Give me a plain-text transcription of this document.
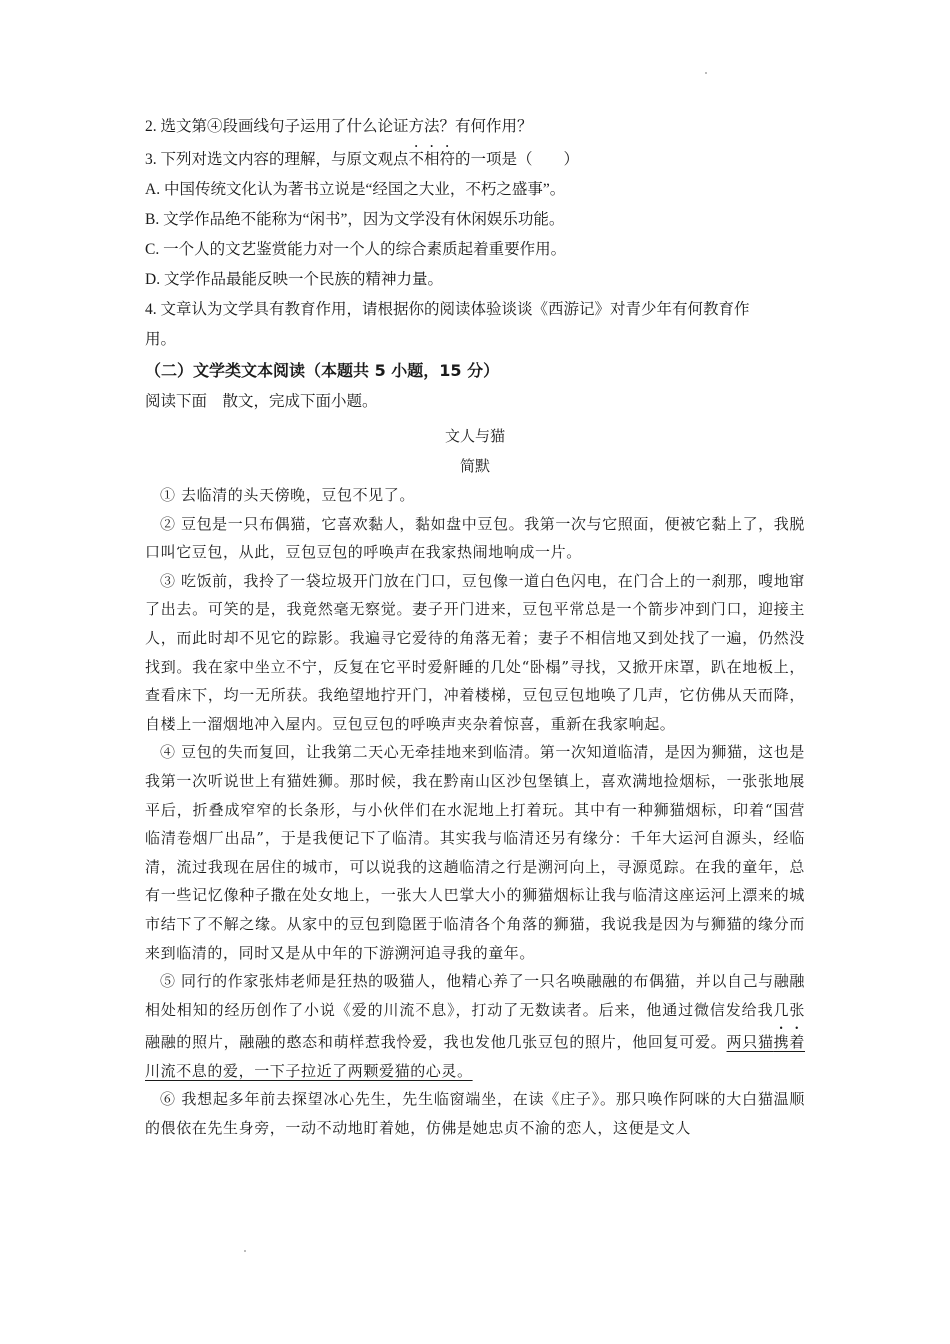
2. 选文第④段画线句子运用了什么论证方法？有何作用？
3. 下列对选文内容的理解，与原文观点不相符的一项是（　　）
A. 中国传统文化认为著书立说是“经国之大业，不朽之盛事”。
B. 文学作品绝不能称为“闲书”，因为文学没有休闲娱乐功能。
C. 一个人的文艺鉴赏能力对一个人的综合素质起着重要作用。
D. 文学作品最能反映一个民族的精神力量。
4. 文章认为文学具有教育作用，请根据你的阅读体验谈谈《西游记》对青少年有何教育作
用。
（二）文学类文本阅读（本题共 5 小题，15 分）
阅读下面　散文，完成下面小题。
文人与猫
简默

① 去临清的头天傍晚，豆包不见了。

② 豆包是一只布偶猫，它喜欢黏人，黏如盘中豆包。我第一次与它照面，便被它黏上了，我脱口叫它豆包，从此，豆包豆包的呼唤声在我家热闹地响成一片。

③ 吃饭前，我拎了一袋垃圾开门放在门口，豆包像一道白色闪电，在门合上的一刹那，嗖地窜了出去。可笑的是，我竟然毫无察觉。妻子开门进来，豆包平常总是一个箭步冲到门口，迎接主人，而此时却不见它的踪影。我遍寻它爱待的角落无着；妻子不相信地又到处找了一遍，仍然没找到。我在家中坐立不宁，反复在它平时爱鼾睡的几处“卧榻”寻找，又掀开床罩，趴在地板上，查看床下，均一无所获。我绝望地拧开门，冲着楼梯，豆包豆包地唤了几声，它仿佛从天而降，自楼上一溜烟地冲入屋内。豆包豆包的呼唤声夹杂着惊喜，重新在我家响起。

④ 豆包的失而复回，让我第二天心无牵挂地来到临清。第一次知道临清，是因为狮猫，这也是我第一次听说世上有猫姓狮。那时候，我在黔南山区沙包堡镇上，喜欢满地捡烟标，一张张地展平后，折叠成窄窄的长条形，与小伙伴们在水泥地上打着玩。其中有一种狮猫烟标，印着“国营临清卷烟厂出品”，于是我便记下了临清。其实我与临清还另有缘分：千年大运河自源头，经临清，流过我现在居住的城市，可以说我的这趟临清之行是溯河向上，寻源觅踪。在我的童年，总有一些记忆像种子撒在处女地上，一张大人巴掌大小的狮猫烟标让我与临清这座运河上漂来的城市结下了不解之缘。从家中的豆包到隐匿于临清各个角落的狮猫，我说我是因为与狮猫的缘分而来到临清的，同时又是从中年的下游溯河追寻我的童年。

⑤ 同行的作家张炜老师是狂热的吸猫人，他精心养了一只名唤融融的布偶猫，并以自己与融融相处相知的经历创作了小说《爱的川流不息》，打动了无数读者。后来，他通过微信发给我几张融融的照片，融融的憨态和萌样惹我怜爱，我也发他几张豆包的照片，他回复可爱。两只猫携着川流不息的爱，一下子拉近了两颗爱猫的心灵。

⑥ 我想起多年前去探望冰心先生，先生临窗端坐，在读《庄子》。那只唤作阿咪的大白猫温顺的偎依在先生身旁，一动不动地盯着她，仿佛是她忠贞不渝的恋人，这便是文人
